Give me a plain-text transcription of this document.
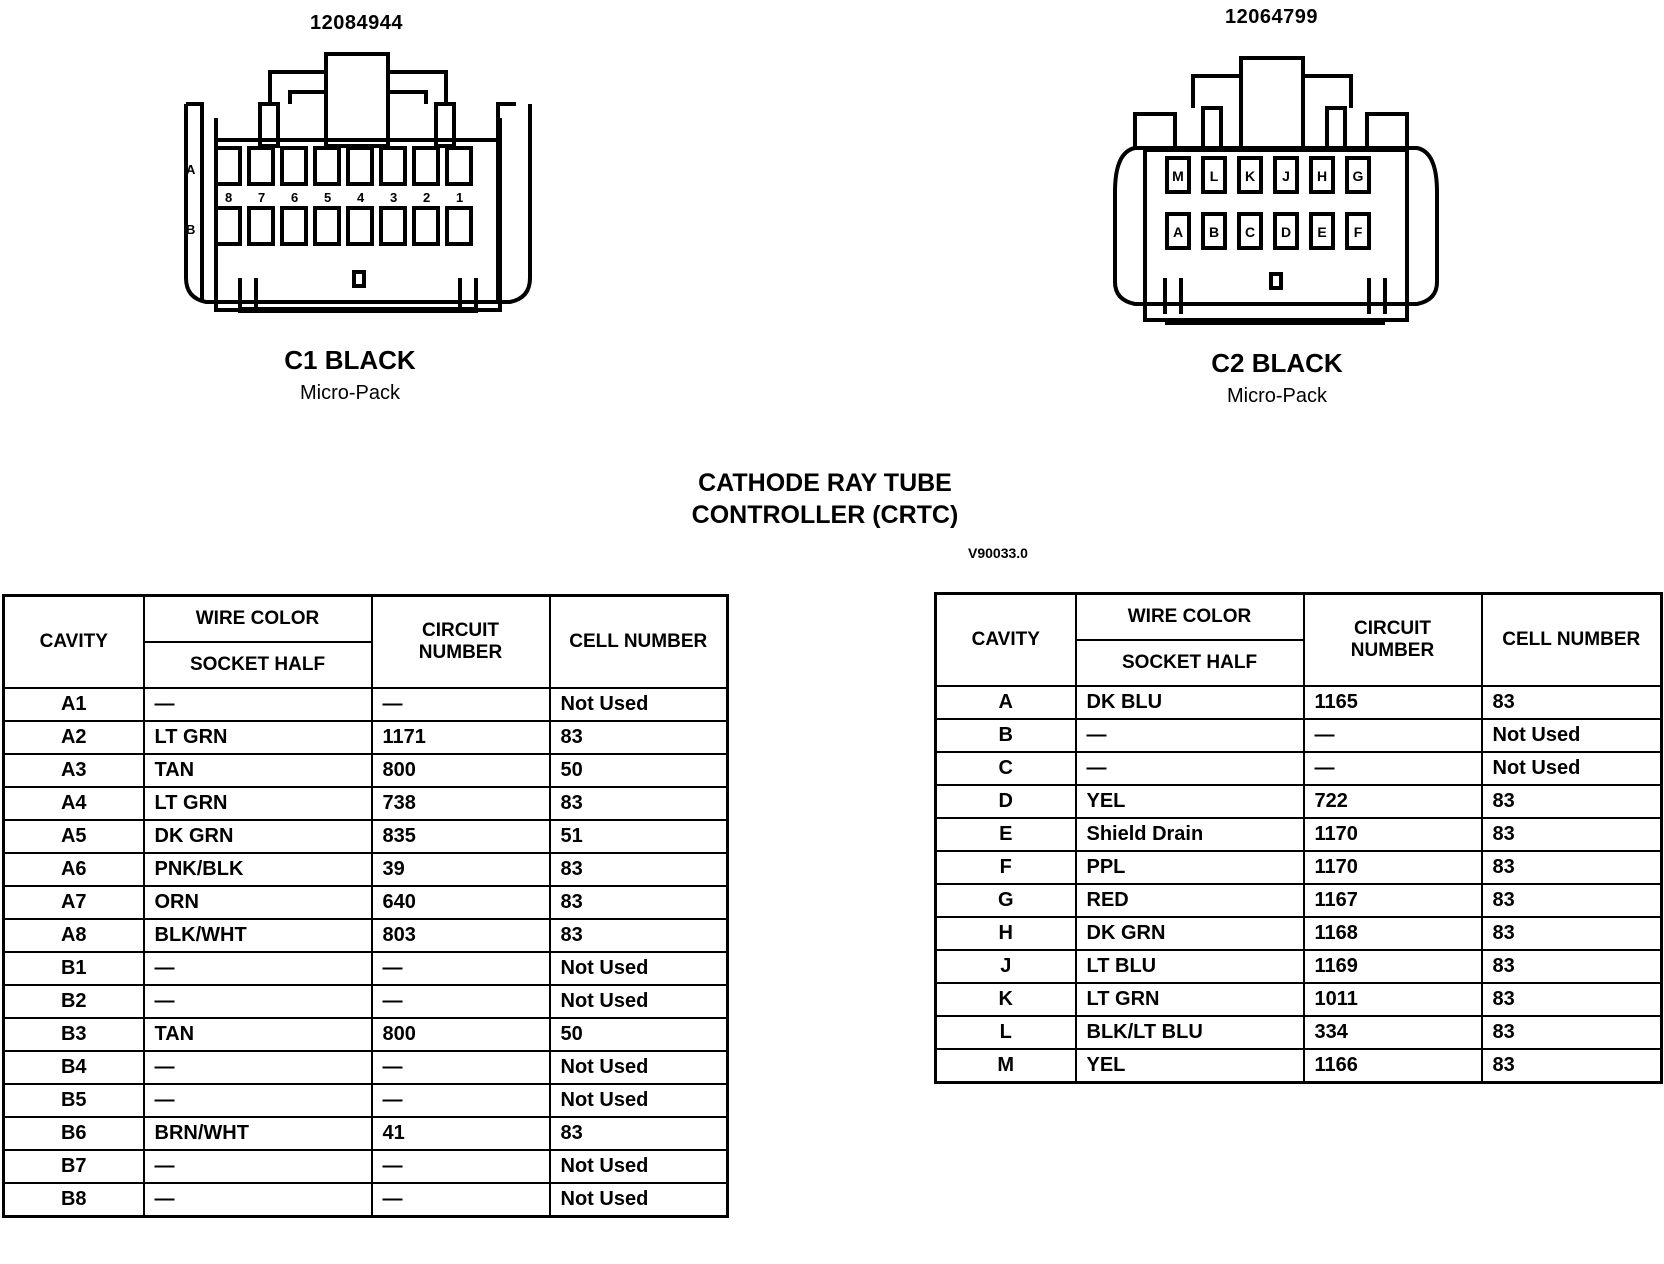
12084944
8 7 6 5 4 3 2 1
A
B
C1 BLACK
Micro-Pack
12064799
M L K J H G
A B C D E F
C2 BLACK
Micro-Pack
CATHODE RAY TUBE
CONTROLLER (CRTC)
V90033.0
CAVITY	WIRE COLOR	CIRCUIT
NUMBER	CELL NUMBER
	SOCKET HALF		
A1	—	—	Not Used
A2	LT GRN	1171	83
A3	TAN	800	50
A4	LT GRN	738	83
A5	DK GRN	835	51
A6	PNK/BLK	39	83
A7	ORN	640	83
A8	BLK/WHT	803	83
B1	—	—	Not Used
B2	—	—	Not Used
B3	TAN	800	50
B4	—	—	Not Used
B5	—	—	Not Used
B6	BRN/WHT	41	83
B7	—	—	Not Used
B8	—	—	Not Used
CAVITY	WIRE COLOR	CIRCUIT
NUMBER	CELL NUMBER
	SOCKET HALF		
A	DK BLU	1165	83
B	—	—	Not Used
C	—	—	Not Used
D	YEL	722	83
E	Shield Drain	1170	83
F	PPL	1170	83
G	RED	1167	83
H	DK GRN	1168	83
J	LT BLU	1169	83
K	LT GRN	1011	83
L	BLK/LT BLU	334	83
M	YEL	1166	83
